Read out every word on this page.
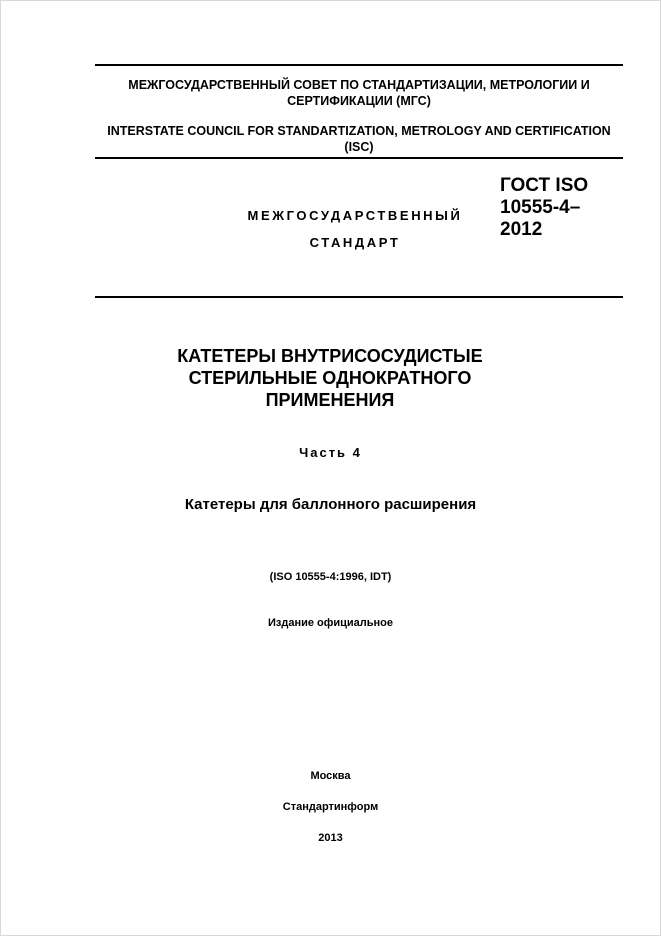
МЕЖГОСУДАРСТВЕННЫЙ СОВЕТ ПО СТАНДАРТИЗАЦИИ, МЕТРОЛОГИИ И СЕРТИФИКАЦИИ (МГС)
INTERSTATE COUNCIL FOR STANDARTIZATION, METROLOGY AND CERTIFICATION (ISC)
МЕЖГОСУДАРСТВЕННЫЙ
СТАНДАРТ
ГОСТ ISO
10555-4–
2012
КАТЕТЕРЫ ВНУТРИСОСУДИСТЫЕ
СТЕРИЛЬНЫЕ ОДНОКРАТНОГО
ПРИМЕНЕНИЯ
Часть 4
Катетеры для баллонного расширения
(ISO 10555-4:1996, IDT)
Издание официальное
Москва
Стандартинформ
2013
